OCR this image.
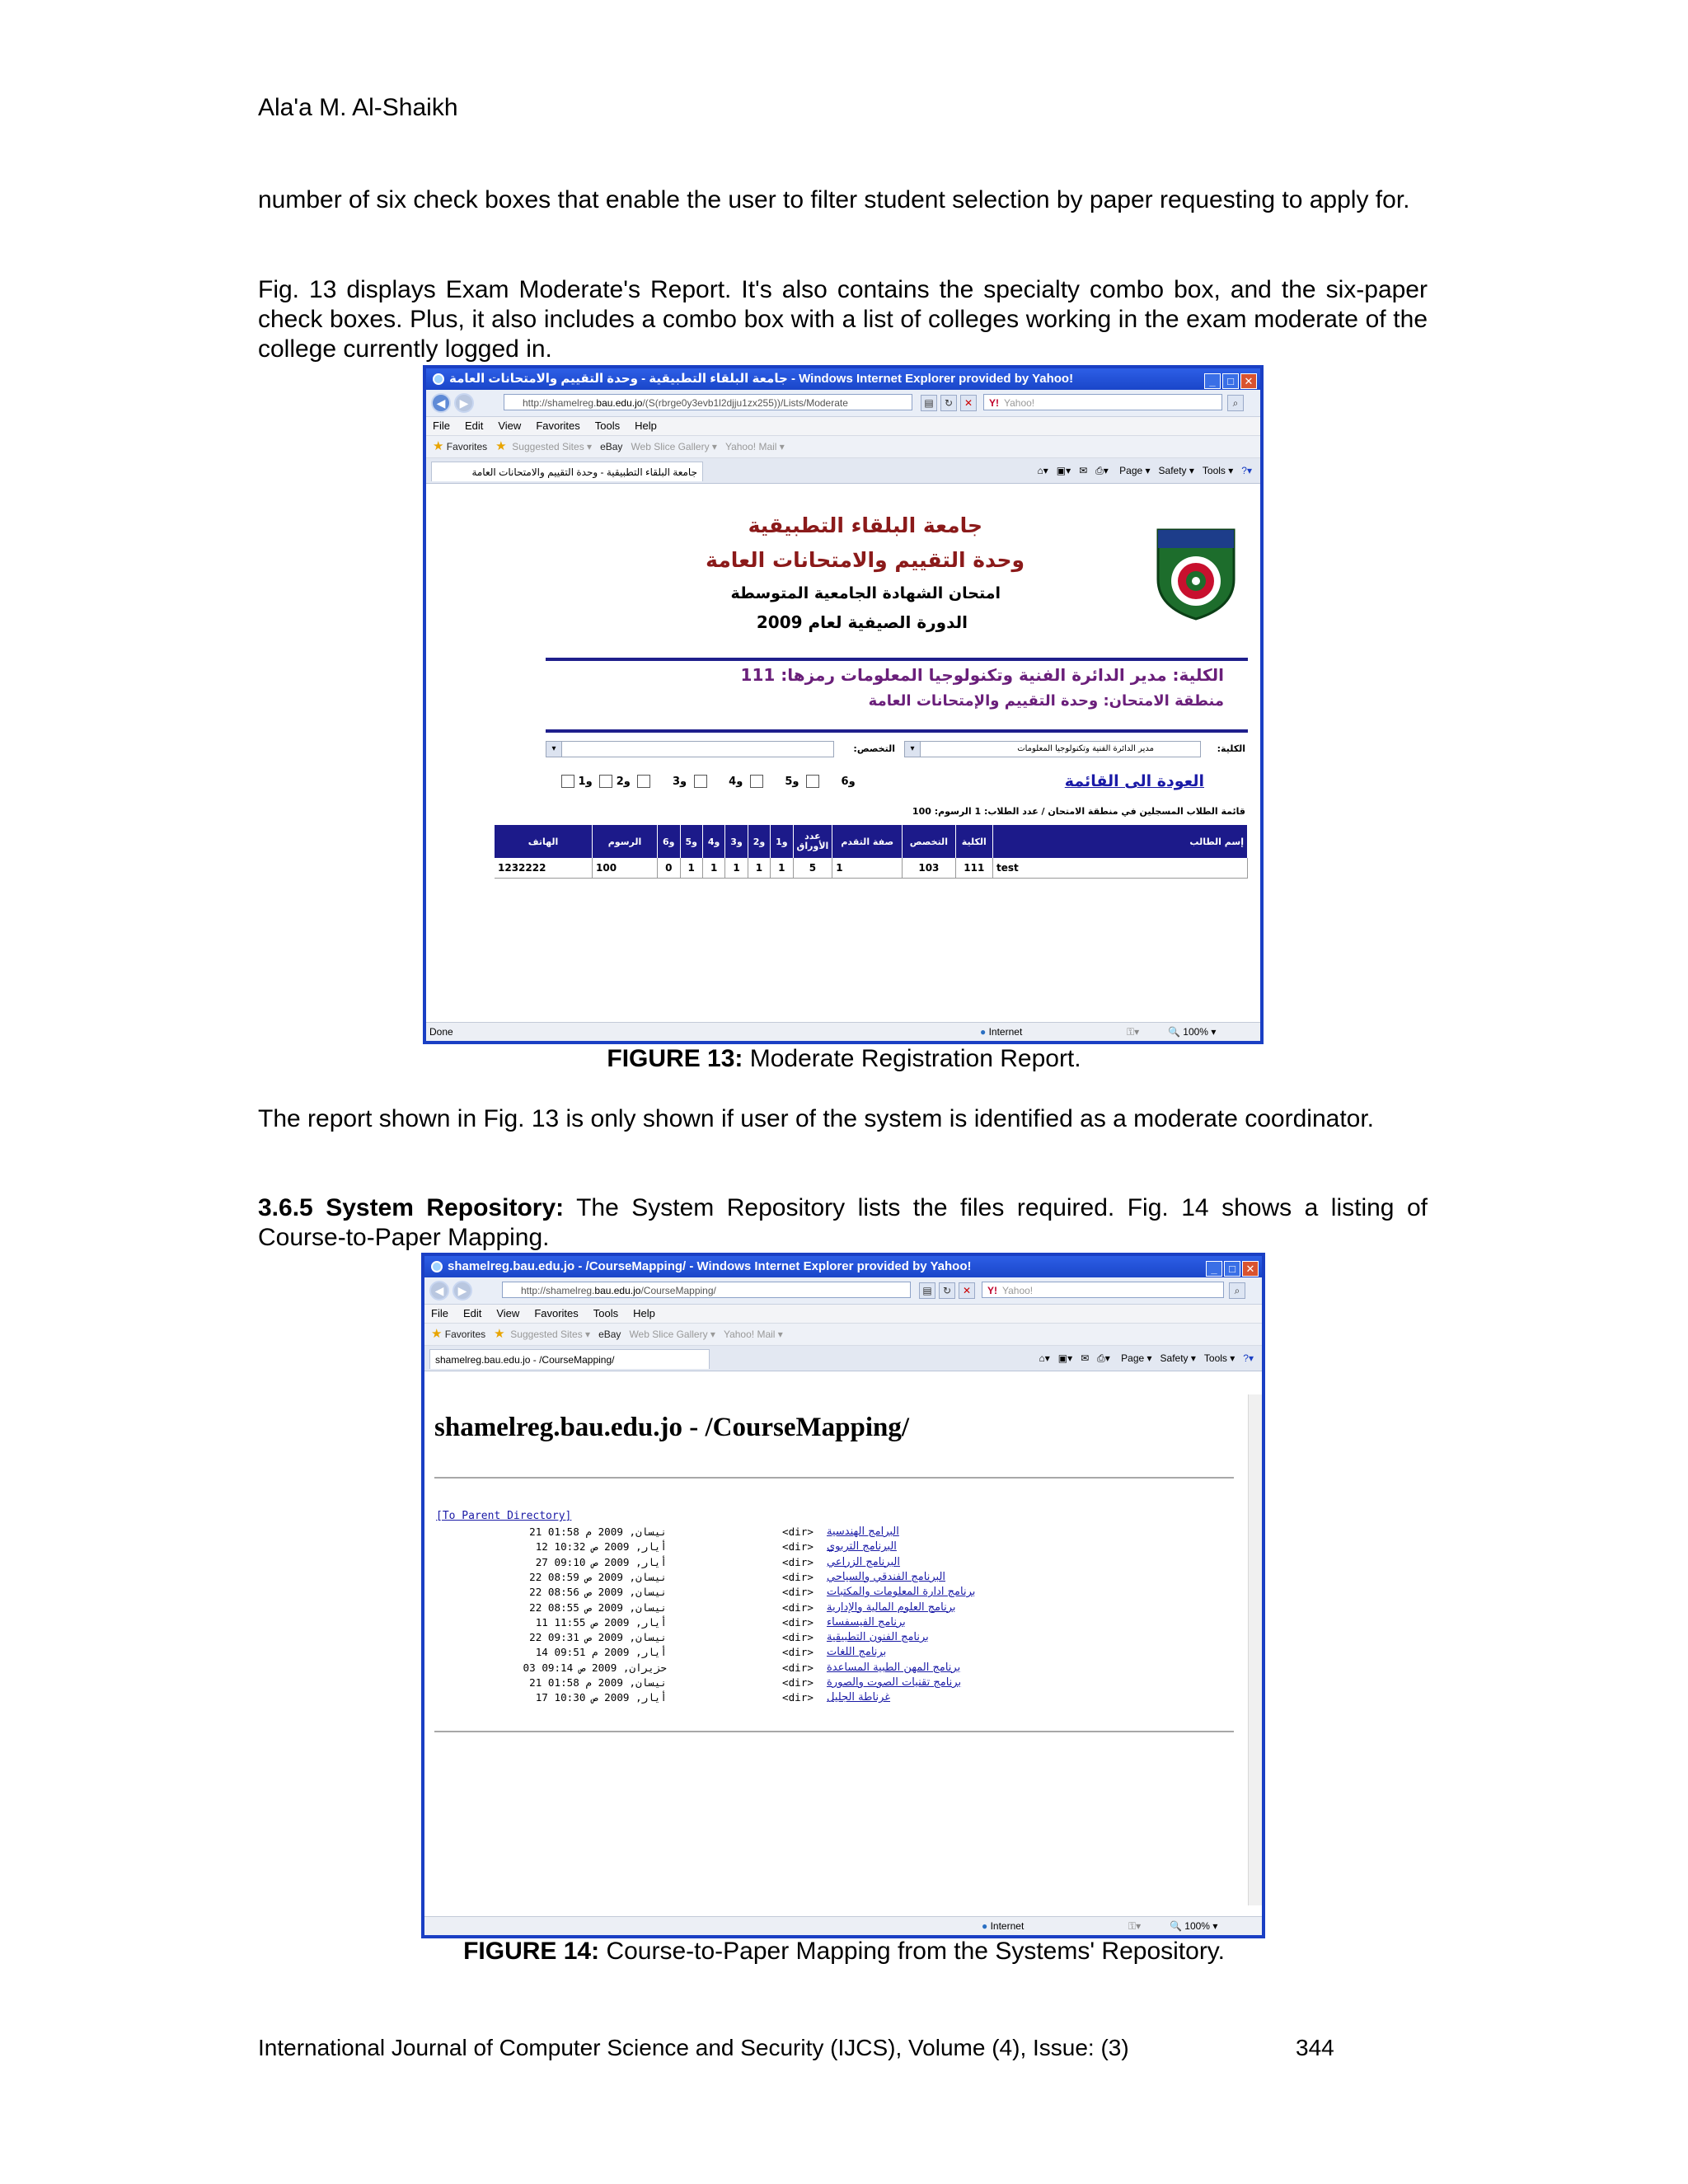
Ala'a M. Al-Shaikh
number of six check boxes that enable the user to filter student selection by paper requesting to apply for.
Fig. 13 displays Exam Moderate's Report. It's also contains the specialty combo box, and the six-paper check boxes. Plus, it also includes a combo box with a list of colleges working in the exam moderate of the college currently logged in.
جامعة البلقاء التطبيقية - وحدة التقييم والامتحانات العامة - Windows Internet Explorer provided by Yahoo!	_ □ ✕
◀	▶	http://shamelreg.bau.edu.jo/(S(rbrge0y3evb1l2djju1zx255))/Lists/Moderate	▤	↻	✕	Y! Yahoo!	⌕
File Edit View Favorites Tools Help
★ Favorites ★ Suggested Sites ▾ eBay Web Slice Gallery ▾ Yahoo! Mail ▾
جامعة البلقاء التطبيقية - وحدة التقييم والامتحانات العامة	⌂▾ ▣▾ ✉ ⎙▾ Page ▾ Safety ▾ Tools ▾ ?▾
جامعة البلقاء التطبيقية
وحدة التقييم والامتحانات العامة
امتحان الشهادة الجامعية المتوسطة
الدورة الصيفية لعام 2009
الكلية: مدير الدائرة الفنية وتكنولوجيا المعلومات رمزها: 111
منطقة الامتحان: وحدة التقييم والإمتحانات العامة
الكلية:
▾	مدير الدائرة الفنية وتكنولوجيا المعلومات
التخصص:
▾
و6  و5  و4  و3  و2  و1	العودة الى القائمة
قائمة الطلاب المسجلين في منطقة الامتحان / عدد الطلاب: 1 الرسوم: 100
إسم الطالب	الكلية	التخصص	صفة التقدم	عدد الأوراق	و1	و2	و3	و4	و5	و6	الرسوم	الهاتف
test	111	103	1	5	1	1	1	1	1	0	100	1232222
Done	● Internet	⚿▾	🔍 100% ▾
FIGURE 13: Moderate Registration Report.
The report shown in Fig. 13 is only shown if user of the system is identified as a moderate coordinator.
3.6.5 System Repository: The System Repository lists the files required. Fig. 14 shows a listing of Course-to-Paper Mapping.
shamelreg.bau.edu.jo - /CourseMapping/ - Windows Internet Explorer provided by Yahoo!	_ □ ✕
◀	▶	http://shamelreg.bau.edu.jo/CourseMapping/	▤	↻	✕	Y! Yahoo!	⌕
File Edit View Favorites Tools Help
★ Favorites ★ Suggested Sites ▾ eBay Web Slice Gallery ▾ Yahoo! Mail ▾
shamelreg.bau.edu.jo - /CourseMapping/	⌂▾ ▣▾ ✉ ⎙▾ Page ▾ Safety ▾ Tools ▾ ?▾
shamelreg.bau.edu.jo - /CourseMapping/
[To Parent Directory]
نيسان, 2009 م 01:58 21	<dir> البرامج الهندسية
أيار, 2009 ص 10:32 12	<dir> البرنامج التربوي
أيار, 2009 ص 09:10 27	<dir> البرنامج الزراعي
نيسان, 2009 ص 08:59 22	<dir> البرنامج الفندقي والسياحي
نيسان, 2009 ص 08:56 22	<dir> برنامج ادارة المعلومات والمكتبات
نيسان, 2009 ص 08:55 22	<dir> برنامج العلوم المالية والإدارية
أيار, 2009 ص 11:55 11	<dir> برنامج الفيسفساء
نيسان, 2009 ص 09:31 22	<dir> برنامج الفنون التطبيقية
أيار, 2009 م 09:51 14	<dir> برنامج اللغات
حزيران, 2009 ص 09:14 03	<dir> برنامج المهن الطبية المساعدة
نيسان, 2009 م 01:58 21	<dir> برنامج تقنيات الصوت والصورة
أيار, 2009 ص 10:30 17	<dir> غرناطة الجليل
● Internet	⚿▾	🔍 100% ▾
FIGURE 14: Course-to-Paper Mapping from the Systems' Repository.
International Journal of Computer Science and Security (IJCS), Volume (4), Issue: (3)	344
